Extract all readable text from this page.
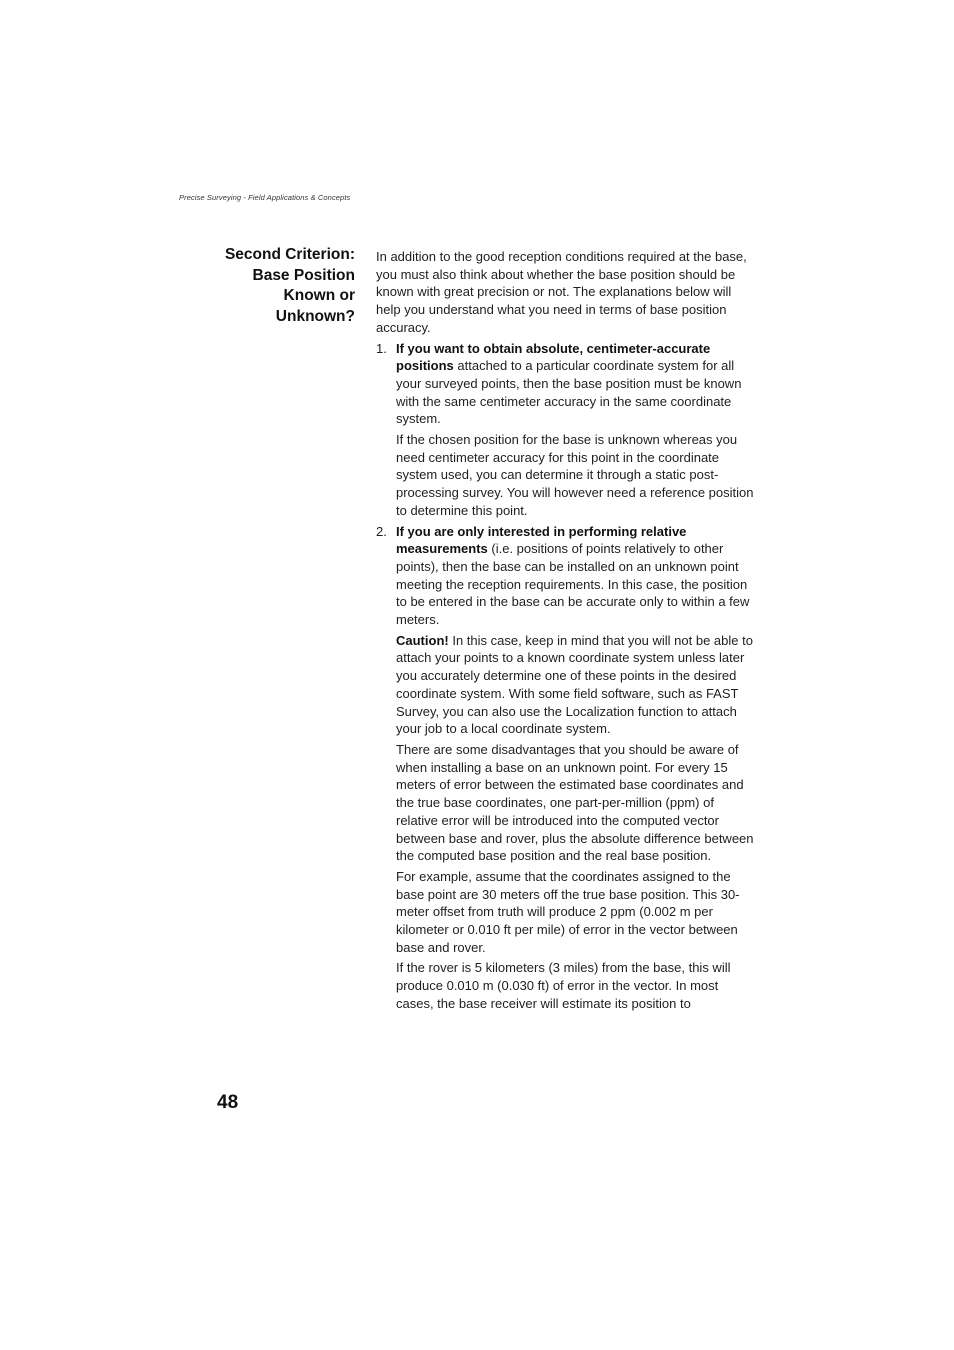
Precise Surveying - Field Applications & Concepts
Second Criterion:
Base Position
Known or
Unknown?

In addition to the good reception conditions required at the base, you must also think about whether the base position should be known with great precision or not. The explanations below will help you understand what you need in terms of base position accuracy.

1. If you want to obtain absolute, centimeter-accurate positions attached to a particular coordinate system for all your surveyed points, then the base position must be known with the same centimeter accuracy in the same coordinate system.

If the chosen position for the base is unknown whereas you need centimeter accuracy for this point in the coordinate system used, you can determine it through a static post-processing survey. You will however need a reference position to determine this point.

2. If you are only interested in performing relative measurements (i.e. positions of points relatively to other points), then the base can be installed on an unknown point meeting the reception requirements. In this case, the position to be entered in the base can be accurate only to within a few meters.

Caution! In this case, keep in mind that you will not be able to attach your points to a known coordinate system unless later you accurately determine one of these points in the desired coordinate system. With some field software, such as FAST Survey, you can also use the Localization function to attach your job to a local coordinate system.

There are some disadvantages that you should be aware of when installing a base on an unknown point. For every 15 meters of error between the estimated base coordinates and the true base coordinates, one part-per-million (ppm) of relative error will be introduced into the computed vector between base and rover, plus the absolute difference between the computed base position and the real base position.

For example, assume that the coordinates assigned to the base point are 30 meters off the true base position. This 30-meter offset from truth will produce 2 ppm (0.002 m per kilometer or 0.010 ft per mile) of error in the vector between base and rover.

If the rover is 5 kilometers (3 miles) from the base, this will produce 0.010 m (0.030 ft) of error in the vector. In most cases, the base receiver will estimate its position to

48
